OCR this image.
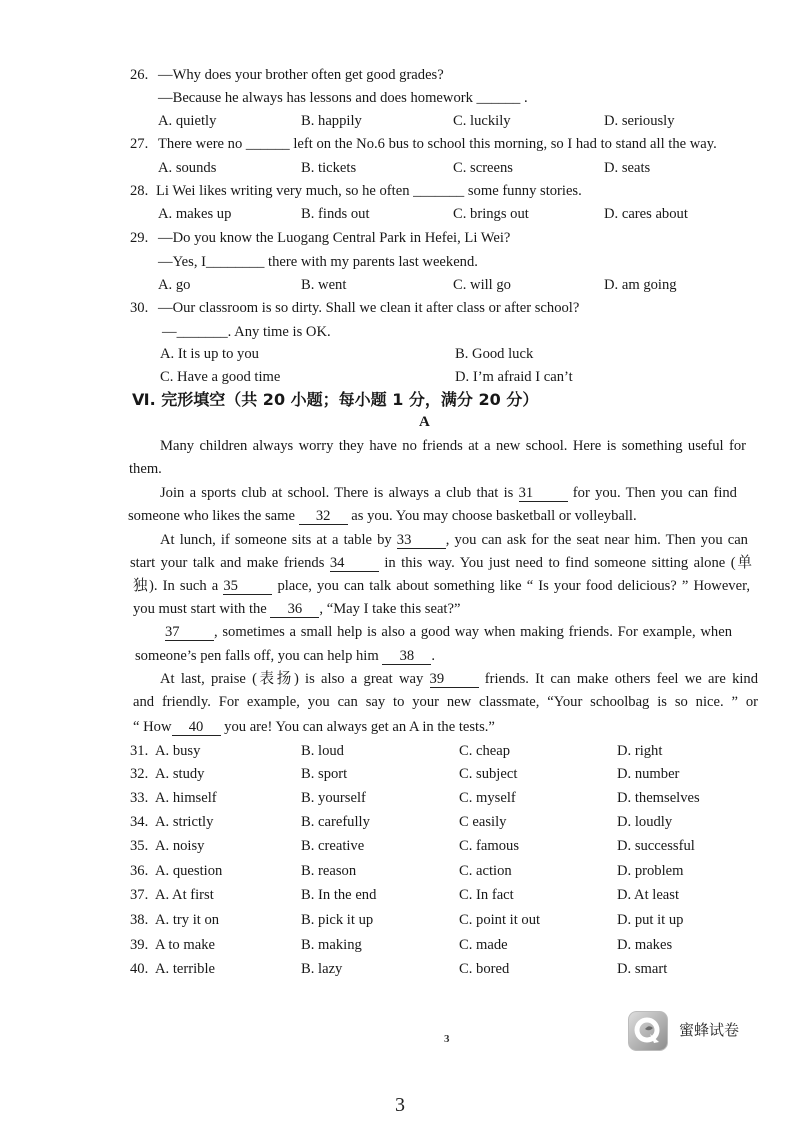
26. —Why does your brother often get good grades?
—Because he always has lessons and does homework ______ .
A. quietly	B. happily	C. luckily	D. seriously
27. There were no ______ left on the No.6 bus to school this morning, so I had to stand all the way.
A. sounds	B. tickets	C. screens	D. seats
28. Li Wei likes writing very much, so he often _______ some funny stories.
A. makes up	B. finds out	C. brings out	D. cares about
29. —Do you know the Luogang Central Park in Hefei, Li Wei?
—Yes, I________ there with my parents last weekend.
A. go	B. went	C. will go	D. am going
30. —Our classroom is so dirty. Shall we clean it after class or after school?
—_______. Any time is OK.
A. It is up to you	B. Good luck
C. Have a good time	D. I’m afraid I can’t
Ⅵ. 完形填空（共 20 小题；每小题 1 分，满分 20 分）
A
Many children always worry they have no friends at a new school. Here is something useful for
them.
Join a sports club at school. There is always a club that is 31 for you. Then you can find
someone who likes the same 32 as you. You may choose basketball or volleyball.
At lunch, if someone sits at a table by 33 , you can ask for the seat near him. Then you can
start your talk and make friends 34 in this way. You just need to find someone sitting alone (单
独). In such a 35 place, you can talk about something like “ Is your food delicious? ” However,
you must start with the 36 , “May I take this seat?”
37 , sometimes a small help is also a good way when making friends. For example, when
someone’s pen falls off, you can help him 38 .
At last, praise (表扬) is also a great way 39 friends. It can make others feel we are kind
and friendly. For example, you can say to your new classmate, “Your schoolbag is so nice. ” or
“ How 40 you are! You can always get an A in the tests.”
31. A. busy	B. loud	C. cheap	D. right
32. A. study	B. sport	C. subject	D. number
33. A. himself	B. yourself	C. myself	D. themselves
34. A. strictly	B. carefully	C easily	D. loudly
35. A. noisy	B. creative	C. famous	D. successful
36. A. question	B. reason	C. action	D. problem
37. A. At first	B. In the end	C. In fact	D. At least
38. A. try it on	B. pick it up	C. point it out	D. put it up
39. A to make	B. making	C. made	D. makes
40. A. terrible	B. lazy	C. bored	D. smart
3	蜜蜂试卷
3
